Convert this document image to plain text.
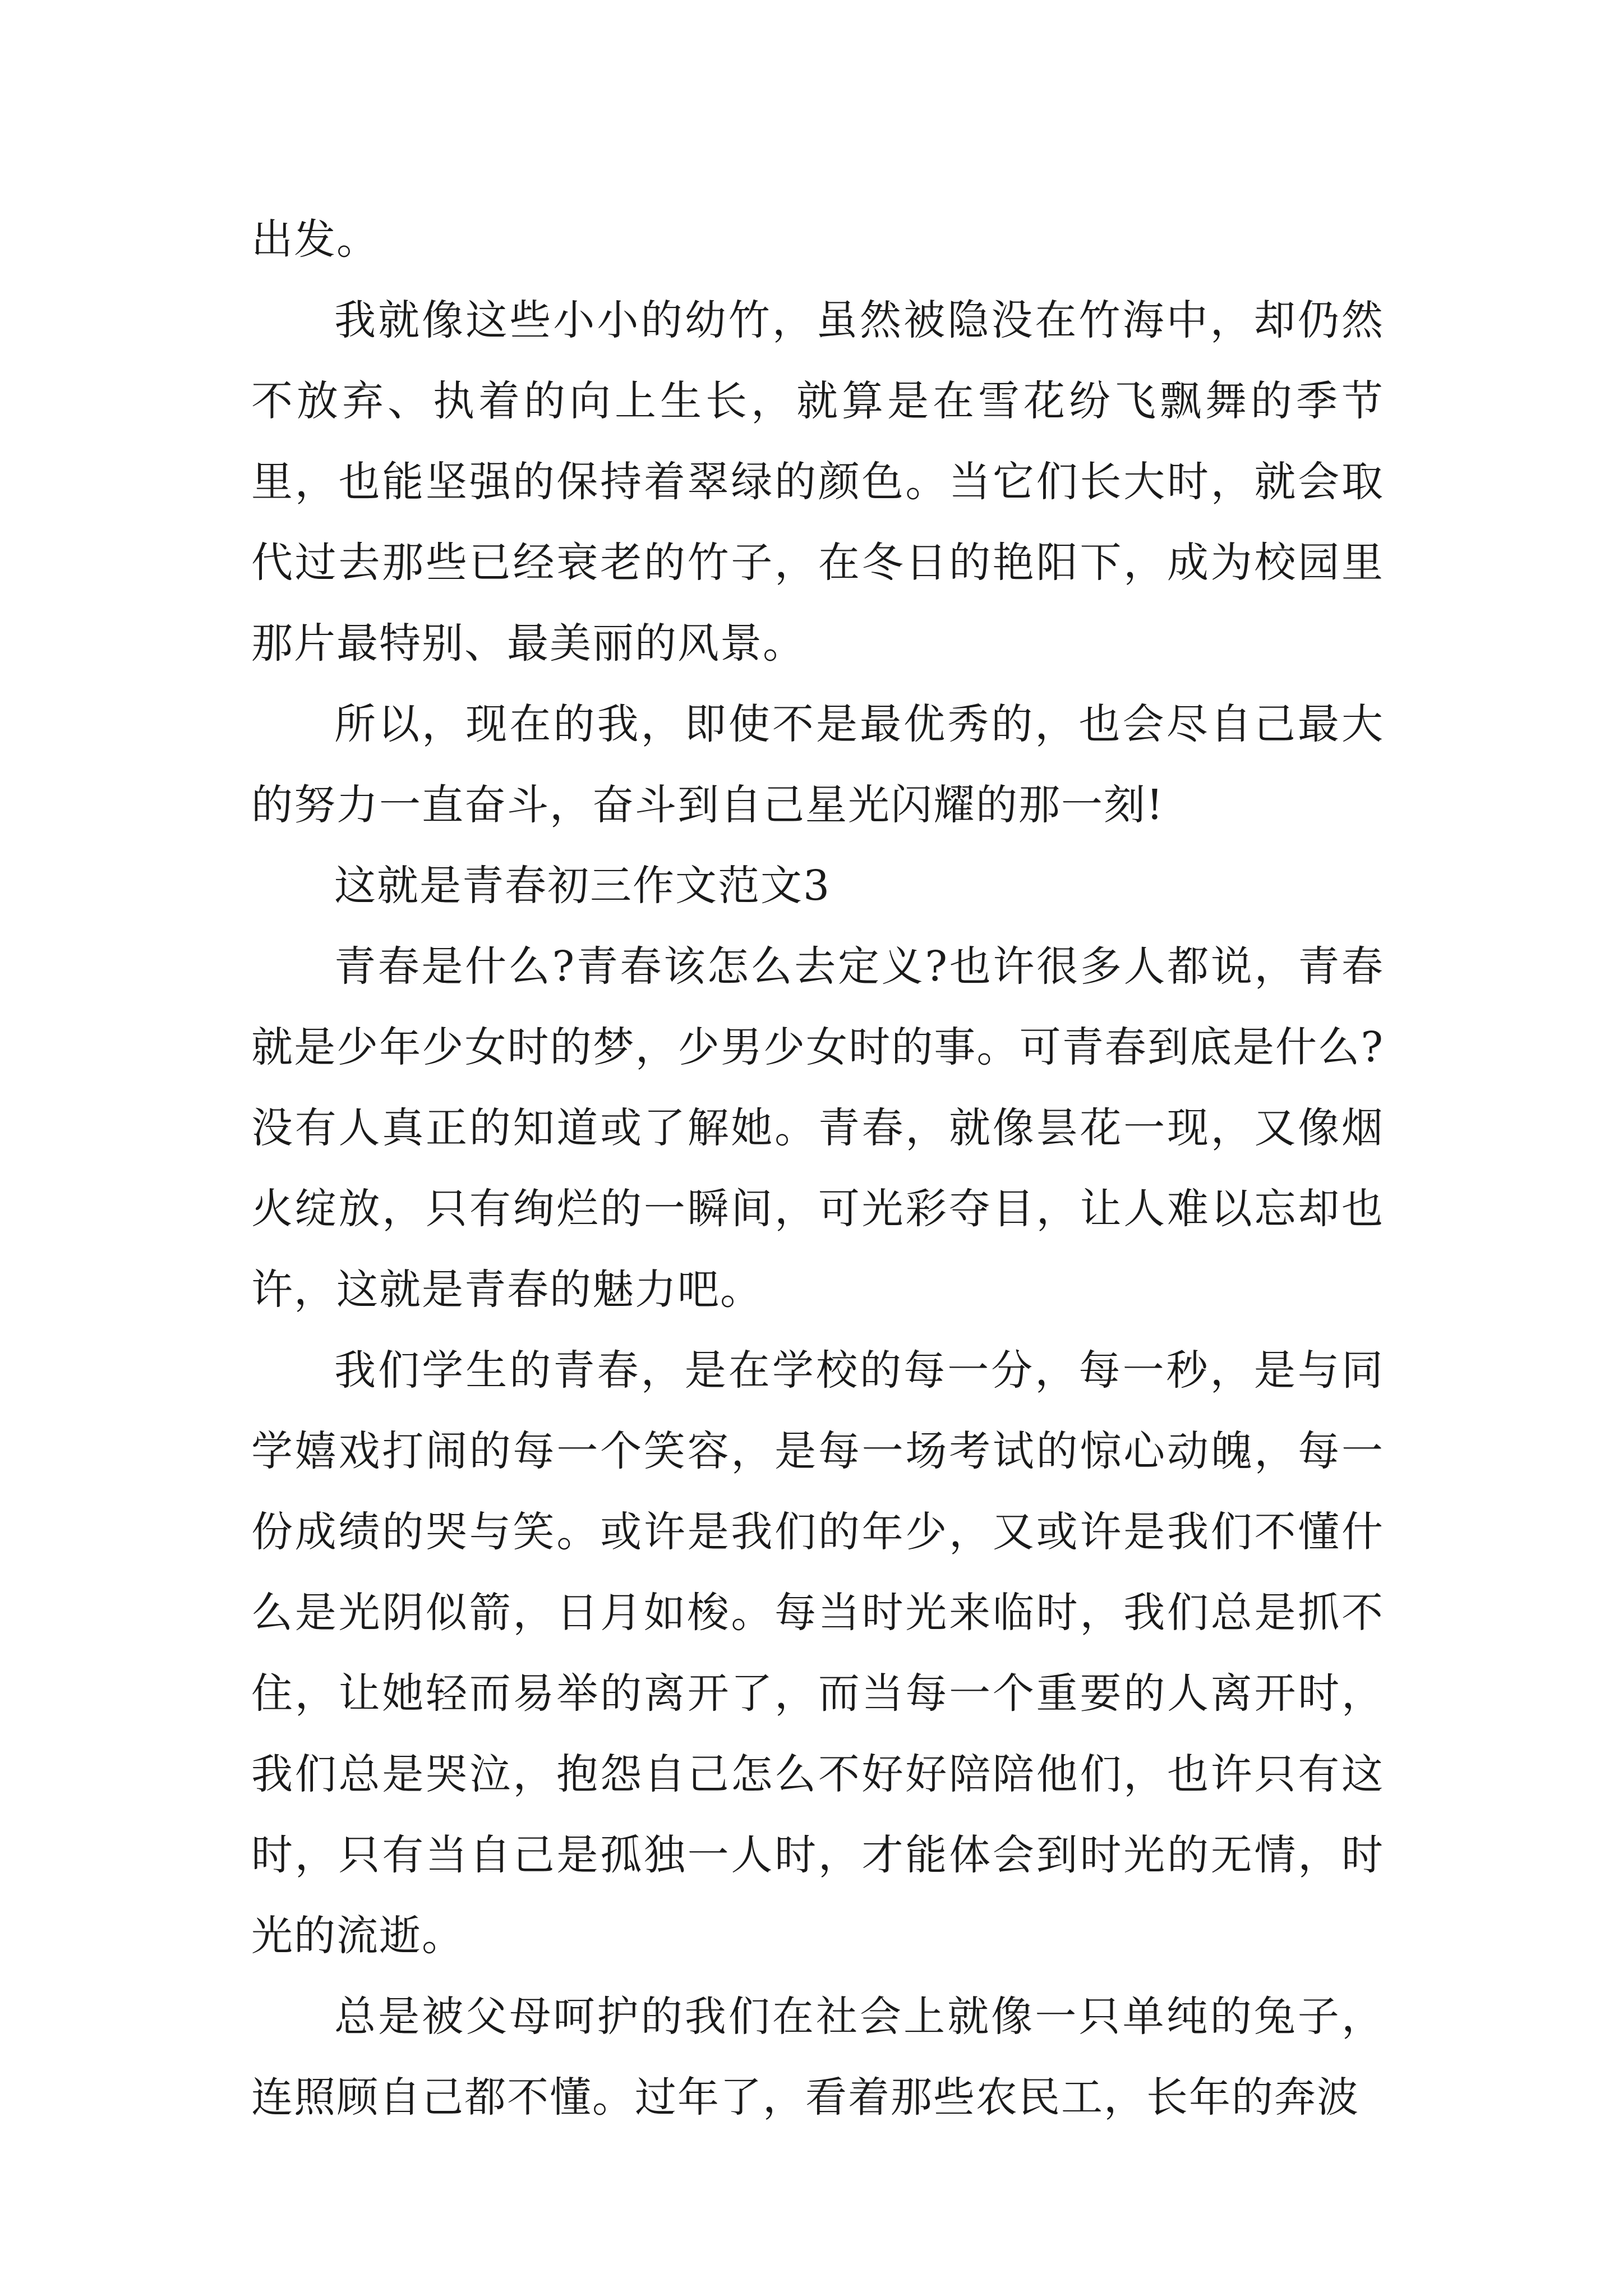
出发。

我就像这些小小的幼竹，虽然被隐没在竹海中，却仍然不放弃、执着的向上生长，就算是在雪花纷飞飘舞的季节里，也能坚强的保持着翠绿的颜色。当它们长大时，就会取代过去那些已经衰老的竹子，在冬日的艳阳下，成为校园里那片最特别、最美丽的风景。

所以，现在的我，即使不是最优秀的，也会尽自己最大的努力一直奋斗，奋斗到自己星光闪耀的那一刻!

这就是青春初三作文范文3

青春是什么?青春该怎么去定义?也许很多人都说，青春就是少年少女时的梦，少男少女时的事。可青春到底是什么?没有人真正的知道或了解她。青春，就像昙花一现，又像烟火绽放，只有绚烂的一瞬间，可光彩夺目，让人难以忘却也许，这就是青春的魅力吧。

我们学生的青春，是在学校的每一分，每一秒，是与同学嬉戏打闹的每一个笑容，是每一场考试的惊心动魄，每一份成绩的哭与笑。或许是我们的年少，又或许是我们不懂什么是光阴似箭，日月如梭。每当时光来临时，我们总是抓不住，让她轻而易举的离开了，而当每一个重要的人离开时，我们总是哭泣，抱怨自己怎么不好好陪陪他们，也许只有这时，只有当自己是孤独一人时，才能体会到时光的无情，时光的流逝。

总是被父母呵护的我们在社会上就像一只单纯的兔子，连照顾自己都不懂。过年了，看着那些农民工，长年的奔波
